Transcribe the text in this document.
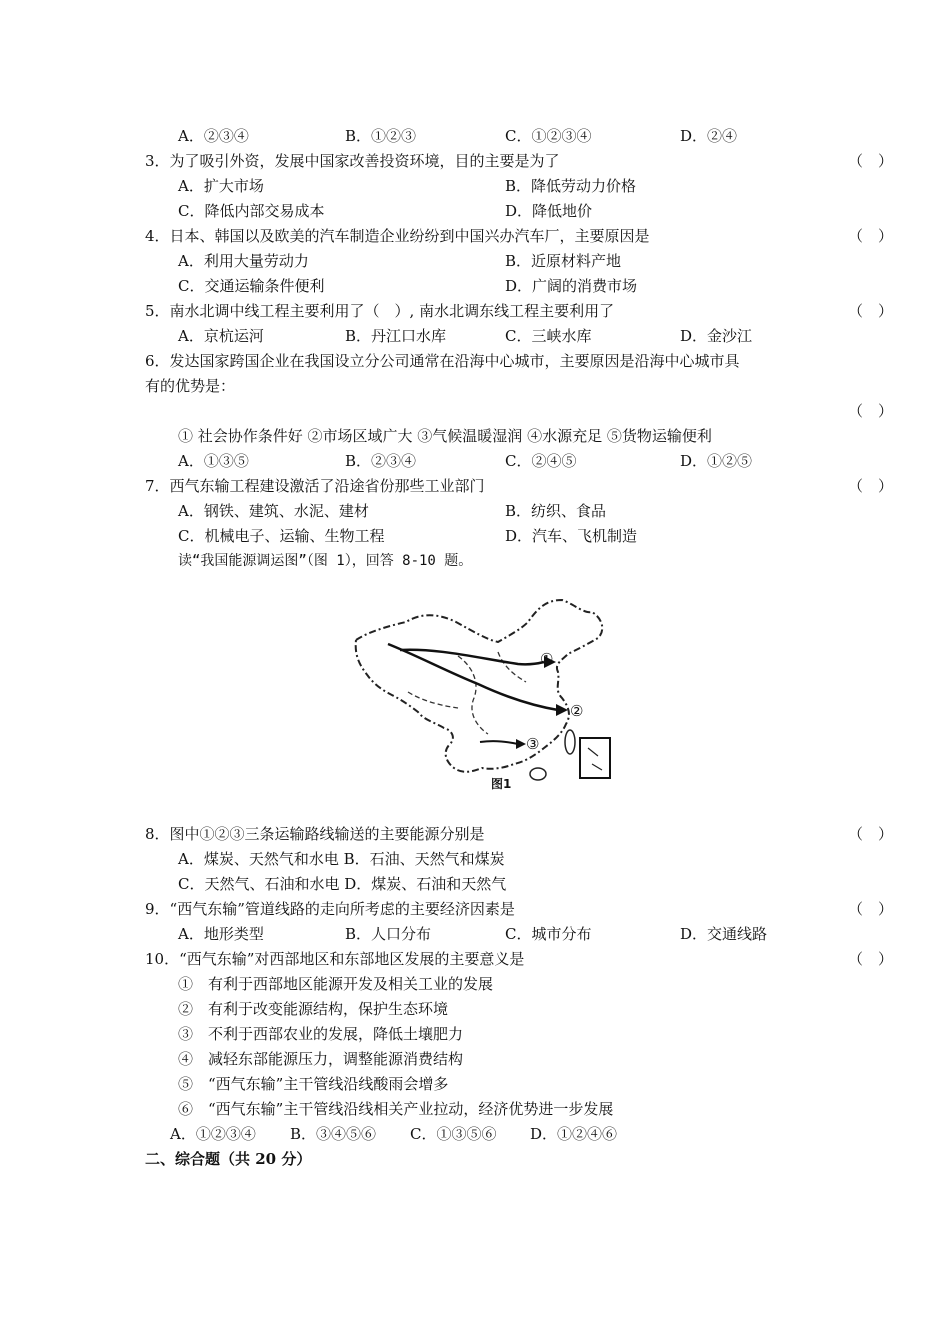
A．②③④	B．①②③	C．①②③④	D．②④
3．为了吸引外资，发展中国家改善投资环境，目的主要是为了	（　）
A．扩大市场	B．降低劳动力价格
C．降低内部交易成本	D．降低地价
4．日本、韩国以及欧美的汽车制造企业纷纷到中国兴办汽车厂，主要原因是	（　）
A．利用大量劳动力	B．近原材料产地
C．交通运输条件便利	D．广阔的消费市场
5．南水北调中线工程主要利用了（　）, 南水北调东线工程主要利用了	（　）
A．京杭运河	B．丹江口水库	C．三峡水库	D．金沙江
6．发达国家跨国企业在我国设立分公司通常在沿海中心城市，主要原因是沿海中心城市具
有的优势是：
（　）
① 社会协作条件好 ②市场区域广大 ③气候温暖湿润 ④水源充足 ⑤货物运输便利
A．①③⑤	B．②③④	C．②④⑤	D．①②⑤
7．西气东输工程建设激活了沿途省份那些工业部门	（　）
A．钢铁、建筑、水泥、建材	B．纺织、食品
C．机械电子、运输、生物工程	D．汽车、飞机制造
读“我国能源调运图”（图 1），回答 8-10 题。
①
②
③
图1
8．图中①②③三条运输路线输送的主要能源分别是	（　）
A．煤炭、天然气和水电 B．石油、天然气和煤炭
C．天然气、石油和水电 D．煤炭、石油和天然气
9．“西气东输”管道线路的走向所考虑的主要经济因素是	（　）
A．地形类型	B．人口分布	C．城市分布	D．交通线路
10．“西气东输”对西部地区和东部地区发展的主要意义是	（　）
①　有利于西部地区能源开发及相关工业的发展
②　有利于改变能源结构，保护生态环境
③　不利于西部农业的发展，降低土壤肥力
④　减轻东部能源压力，调整能源消费结构
⑤　“西气东输”主干管线沿线酸雨会增多
⑥　“西气东输”主干管线沿线相关产业拉动，经济优势进一步发展
A．①②③④ B．③④⑤⑥ C．①③⑤⑥ D．①②④⑥
二、综合题（共 20 分）
